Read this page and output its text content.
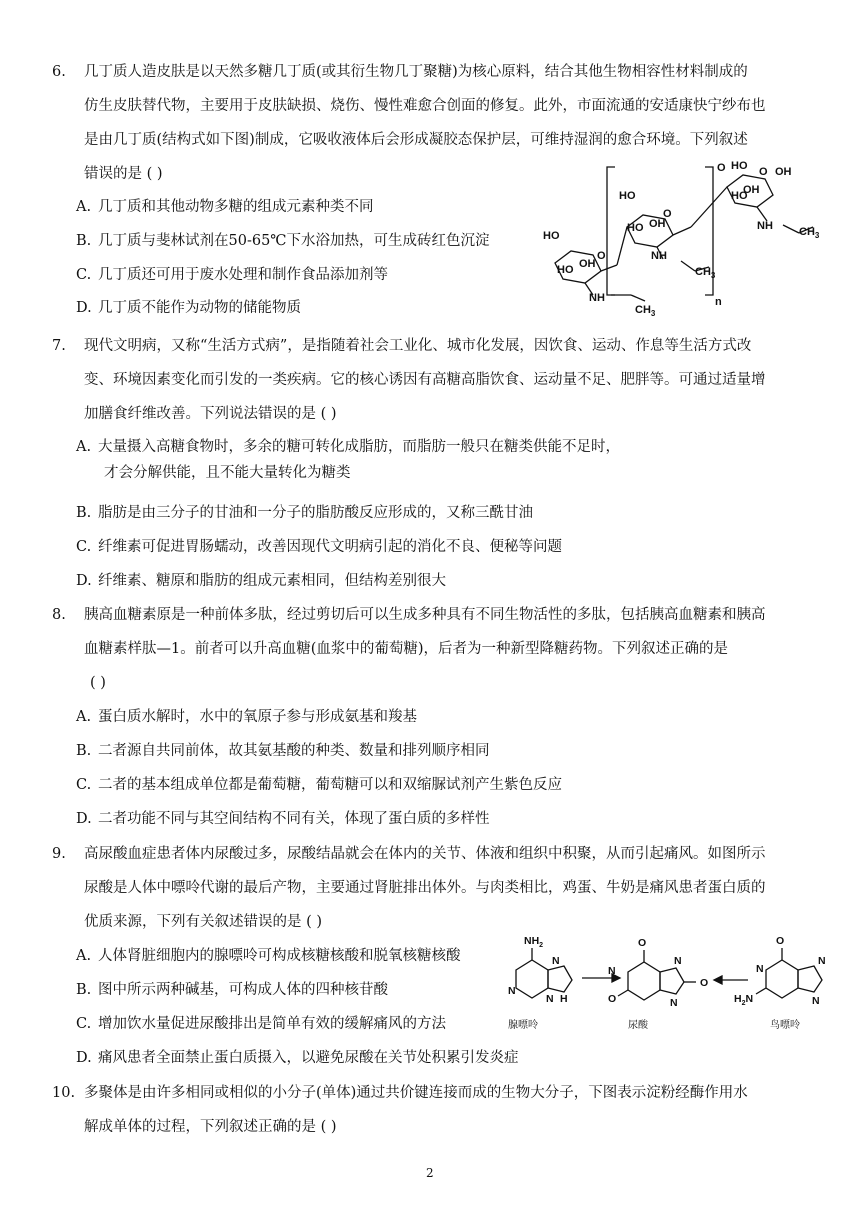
6. 几丁质人造皮肤是以天然多糖几丁质(或其衍生物几丁聚糖)为核心原料，结合其他生物相容性材料制成的
仿生皮肤替代物，主要用于皮肤缺损、烧伤、慢性难愈合创面的修复。此外，市面流通的安适康快宁纱布也
是由几丁质(结构式如下图)制成，它吸收液体后会形成凝胶态保护层，可维持湿润的愈合环境。下列叙述
错误的是 ( )
A. 几丁质和其他动物多糖的组成元素种类不同
B. 几丁质与斐林试剂在50-65℃下水浴加热，可生成砖红色沉淀
C. 几丁质还可用于废水处理和制作食品添加剂等
D. 几丁质不能作为动物的储能物质
HO
HO OH
O
NH
$CH_3$
HO
HO OH
O
NH
$CH_3$
n
O HO	OH
O
HO
OH
NH $CH_3$
7. 现代文明病，又称“生活方式病”，是指随着社会工业化、城市化发展，因饮食、运动、作息等生活方式改
变、环境因素变化而引发的一类疾病。它的核心诱因有高糖高脂饮食、运动量不足、肥胖等。可通过适量增
加膳食纤维改善。下列说法错误的是 ( )
A. 大量摄入高糖食物时，多余的糖可转化成脂肪，而脂肪一般只在糖类供能不足时，
才会分解供能，且不能大量转化为糖类
B. 脂肪是由三分子的甘油和一分子的脂肪酸反应形成的，又称三酰甘油
C. 纤维素可促进胃肠蠕动，改善因现代文明病引起的消化不良、便秘等问题
D. 纤维素、糖原和脂肪的组成元素相同，但结构差别很大
8. 胰高血糖素原是一种前体多肽，经过剪切后可以生成多种具有不同生物活性的多肽，包括胰高血糖素和胰高
血糖素样肽—1。前者可以升高血糖(血浆中的葡萄糖)，后者为一种新型降糖药物。下列叙述正确的是
( )
A. 蛋白质水解时，水中的氧原子参与形成氨基和羧基
B. 二者源自共同前体，故其氨基酸的种类、数量和排列顺序相同
C. 二者的基本组成单位都是葡萄糖，葡萄糖可以和双缩脲试剂产生紫色反应
D. 二者功能不同与其空间结构不同有关，体现了蛋白质的多样性
9. 高尿酸血症患者体内尿酸过多，尿酸结晶就会在体内的关节、体液和组织中积聚，从而引起痛风。如图所示
尿酸是人体中嘌呤代谢的最后产物，主要通过肾脏排出体外。与肉类相比，鸡蛋、牛奶是痛风患者蛋白质的
优质来源，下列有关叙述错误的是 ( )
A. 人体肾脏细胞内的腺嘌呤可构成核糖核酸和脱氧核糖核酸
B. 图中所示两种碱基，可构成人体的四种核苷酸
C. 增加饮水量促进尿酸排出是简单有效的缓解痛风的方法
D. 痛风患者全面禁止蛋白质摄入，以避免尿酸在关节处积累引发炎症
$NH_2$
N
N
N H
O
N
O
O
N
N
O
N
$H_2N$
N
N
腺嘌呤	尿酸	鸟嘌呤
10. 多聚体是由许多相同或相似的小分子(单体)通过共价键连接而成的生物大分子，下图表示淀粉经酶作用水
解成单体的过程，下列叙述正确的是 ( )
2
